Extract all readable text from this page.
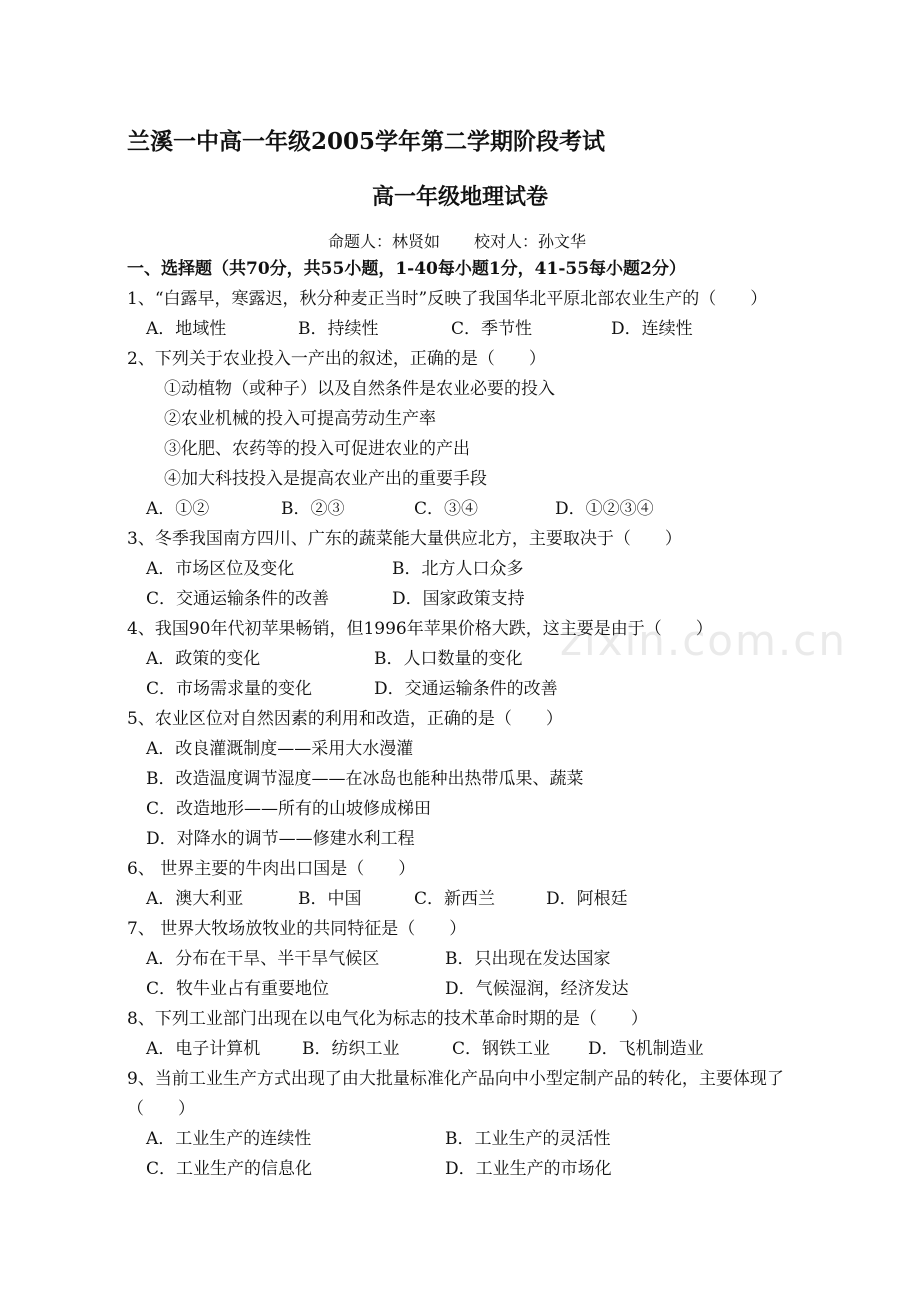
兰溪一中高一年级2005学年第二学期阶段考试
高一年级地理试卷
命题人：林贤如 校对人：孙文华
zixin.com.cn
一、选择题（共70分，共55小题，1-40每小题1分，41-55每小题2分）
1、“白露早，寒露迟，秋分种麦正当时”反映了我国华北平原北部农业生产的（　　）
A．地域性	B．持续性	C．季节性	D．连续性
2、下列关于农业投入一产出的叙述，正确的是（　　）
①动植物（或种子）以及自然条件是农业必要的投入
②农业机械的投入可提高劳动生产率
③化肥、农药等的投入可促进农业的产出
④加大科技投入是提高农业产出的重要手段
A．①②	B．②③	C．③④	D．①②③④
3、冬季我国南方四川、广东的蔬菜能大量供应北方，主要取决于（　　）
A．市场区位及变化	B．北方人口众多
C．交通运输条件的改善	D．国家政策支持
4、我国90年代初苹果畅销，但1996年苹果价格大跌，这主要是由于（　　）
A．政策的变化	B．人口数量的变化
C．市场需求量的变化	D．交通运输条件的改善
5、农业区位对自然因素的利用和改造，正确的是（　　）
A．改良灌溉制度——采用大水漫灌
B．改造温度调节湿度——在冰岛也能种出热带瓜果、蔬菜
C．改造地形——所有的山坡修成梯田
D．对降水的调节——修建水利工程
6、 世界主要的牛肉出口国是（　　）
A．澳大利亚	B．中国	C．新西兰	D．阿根廷
7、 世界大牧场放牧业的共同特征是（　　）
A．分布在干旱、半干旱气候区	B．只出现在发达国家
C．牧牛业占有重要地位	D．气候湿润，经济发达
8、下列工业部门出现在以电气化为标志的技术革命时期的是（　　）
A．电子计算机 B．纺织工业	C．钢铁工业 D．飞机制造业
9、当前工业生产方式出现了由大批量标准化产品向中小型定制产品的转化，主要体现了
（　　）
A．工业生产的连续性	B．工业生产的灵活性
C．工业生产的信息化	D．工业生产的市场化
